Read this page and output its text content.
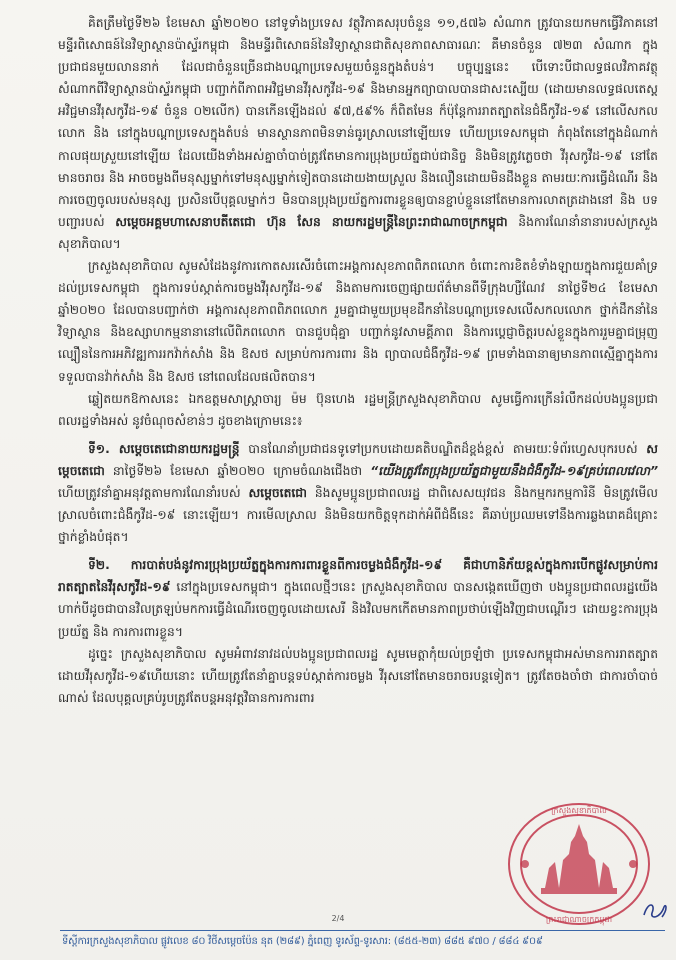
គិតត្រឹមថ្ងៃទី២៦ ខែមេសា ឆ្នាំ២០២០ នៅទូទាំងប្រទេស វត្ថុវិភាគសរុបចំនួន ១១,៥៧៦ សំណាក ត្រូវបានយកមកធ្វើវិភាគនៅមន្ទីរពិសោធន៍នៃវិទ្យាស្ថានប៉ាស្ទ័រកម្ពុជា និងមន្ទីរពិសោធន៍នៃវិទ្យាស្ថានជាតិសុខភាពសាធារណៈ គឺមានចំនួន ៧២៣ សំណាក ក្នុងប្រជាជនមួយលាននាក់ ដែលជាចំនួនច្រើនជាងបណ្តាប្រទេសមួយចំនួនក្នុងតំបន់។ បច្ចុប្បន្ននេះ បើទោះបីជាលទ្ធផលវិភាគវត្ថុសំណាកពីវិទ្យាស្ថានប៉ាស្ទ័រកម្ពុជា បញ្ជាក់ពីភាពអវិជ្ជមានវីរុសកូវីដ-១៩ និងមានអ្នកព្យាបាលបានជាសះស្បើយ (ដោយមានលទ្ធផលតេស្តអវិជ្ជមានវីរុសកូវីដ-១៩ ចំនួន ០២លើក) បានកើនឡើងដល់ ៩៧,៥៩% ក៏ពិតមែន ក៏ប៉ុន្តែការរាតត្បាតនៃជំងឺកូវីដ-១៩ នៅលើសកលលោក និង នៅក្នុងបណ្តាប្រទេសក្នុងតំបន់ មានស្ថានភាពមិនទាន់ធូរស្រាលនៅឡើយទេ ហើយប្រទេសកម្ពុជា កំពុងតែនៅក្នុងដំណាក់កាលផុយស្រួយនៅឡើយ ដែលយើងទាំងអស់គ្នាចាំបាច់ត្រូវតែមានការប្រុងប្រយ័ត្នជាប់ជានិច្ច និងមិនត្រូវភ្លេចថា វីរុសកូវីដ-១៩ នៅតែមានចរាចរ និង អាចចម្លងពីមនុស្សម្នាក់ទៅមនុស្សម្នាក់ទៀតបានដោយងាយស្រួល និងលឿនដោយមិនដឹងខ្លួន តាមរយៈការធ្វើដំណើរ និងការចេញចូលរបស់មនុស្ស ប្រសិនបើបុគ្គលម្នាក់ៗ មិនបានប្រុងប្រយ័ត្នការពារខ្លួនឲ្យបានខ្ជាប់ខ្ជួននៅតែមានការលាតត្រដាងនៅ និង បទបញ្ជារបស់ សម្តេចអគ្គមហាសេនាបតីតេជោ ហ៊ុន សែន នាយករដ្ឋមន្ត្រីនៃព្រះរាជាណាចក្រកម្ពុជា និងការណែនាំនានារបស់ក្រសួងសុខាភិបាល។

ក្រសួងសុខាភិបាល សូមសំដែងនូវការកោតសរសើរចំពោះអង្គការសុខភាពពិភពលោក ចំពោះការខិតខំទាំងឡាយក្នុងការជួយគាំទ្រដល់ប្រទេសកម្ពុជា ក្នុងការទប់ស្កាត់ការចម្លងវីរុសកូវីដ-១៩ និងតាមការចេញផ្សាយព័ត៌មានពីទីក្រុងហ្សឺណែវ នាថ្ងៃទី២៤ ខែមេសា ឆ្នាំ២០២០ ដែលបានបញ្ជាក់ថា អង្គការសុខភាពពិភពលោក រួមគ្នាជាមួយប្រមុខដឹកនាំនៃបណ្តាប្រទេសលើសកលលោក ថ្នាក់ដឹកនាំនៃវិទ្យាស្ថាន និងឧស្សាហកម្មនានានៅលើពិភពលោក បានជួបជុំគ្នា បញ្ជាក់នូវសាមគ្គីភាព និងការប្តេជ្ញាចិត្តរបស់ខ្លួនក្នុងការរួមគ្នាជម្រុញល្បឿននៃការអភិវឌ្ឍការរកវ៉ាក់សាំង និង ឱសថ សម្រាប់ការការពារ និង ព្យាបាលជំងឺកូវីដ-១៩ ព្រមទាំងធានាឲ្យមានភាពស្មើគ្នាក្នុងការទទួលបានវ៉ាក់សាំង និង ឱសថ នៅពេលដែលផលិតបាន។

ឆ្លៀតយកឱកាសនេះ ឯកឧត្តមសាស្ត្រាចារ្យ ម៉ម ប៊ុនហេង រដ្ឋមន្ត្រីក្រសួងសុខាភិបាល សូមធ្វើការក្រើនរំលឹកដល់បងប្អូនប្រជាពលរដ្ឋទាំងអស់ នូវចំណុចសំខាន់ៗ ដូចខាងក្រោមនេះ៖

ទី១. សម្តេចតេជោនាយករដ្ឋមន្ត្រី បានណែនាំប្រជាជនទូទៅប្រកបដោយគតិបណ្ឌិតដ៏ខ្ពង់ខ្ពស់ តាមរយៈទំព័រហ្វេសបុករបស់ សម្តេចតេជោ នាថ្ងៃទី២៦ ខែមេសា ឆ្នាំ២០២០ ក្រោមចំណងជើងថា “យើងត្រូវតែប្រុងប្រយ័ត្នជាមួយនឹងជំងឺកូវីដ-១៩គ្រប់ពេលវេលា” ហើយត្រូវនាំគ្នាអនុវត្តតាមការណែនាំរបស់ សម្តេចតេជោ និងសូមប្អូនប្រជាពលរដ្ឋ ជាពិសេសយុវជន និងកម្មករកម្មការិនី មិនត្រូវមើលស្រាលចំពោះជំងឺកូវីដ-១៩ នោះឡើយ។ ការមើលស្រាល និងមិនយកចិត្តទុកដាក់អំពីជំងឺនេះ គឺឆាប់ប្រឈមទៅនឹងការឆ្លងរោគដ៏គ្រោះថ្នាក់ខ្លាំងបំផុត។

ទី២. ការបាត់បង់នូវការប្រុងប្រយ័ត្នក្នុងការការពារខ្លួនពីការចម្លងជំងឺកូវីដ-១៩ គឺជាហានិភ័យខ្ពស់ក្នុងការបើកផ្លូវសម្រាប់ការរាតត្បាតនៃវីរុសកូវីដ-១៩ នៅក្នុងប្រទេសកម្ពុជា។ ក្នុងពេលថ្មីៗនេះ ក្រសួងសុខាភិបាល បានសង្កេតឃើញថា បងប្អូនប្រជាពលរដ្ឋយើងហាក់បីដូចជាបានវិលត្រឡប់មកការធ្វើដំណើរចេញចូលដោយសេរី និងវិលមកកើតមានភាពប្រថាប់ឡើងវិញជាបណ្តើរៗ ដោយខ្វះការប្រុងប្រយ័ត្ន និង ការការពារខ្លួន។

ដូច្នេះ ក្រសួងសុខាភិបាល សូមអំពាវនាវដល់បងប្អូនប្រជាពលរដ្ឋ សូមមេត្តាកុំយល់ច្រឡំថា ប្រទេសកម្ពុជាអស់មានការរាតត្បាតដោយវីរុសកូវីដ-១៩ហើយនោះ ហើយត្រូវតែនាំគ្នាបន្តទប់ស្កាត់ការចម្លង វីរុសនៅតែមានចរាចរបន្តទៀត។ ត្រូវតែចងចាំថា ជាការចាំបាច់ណាស់ ដែលបុគ្គលគ្រប់រូបត្រូវតែបន្តអនុវត្តវិធានការការពារ

ក្រសួងសុខាភិបាល
ព្រះរាជាណាចក្រកម្ពុជា
2/4
ទីស្តីការក្រសួងសុខាភិបាល ផ្លូវលេខ ៨០ វិថីសម្តេចប៉ែន នុត (២៨៩) ភ្នំពេញ ទូរស័ព្ទ-ទូរសារ: (៨៥៥-២៣) ៨៨៥ ៩៧០ / ៨៨៤ ៩០៩
